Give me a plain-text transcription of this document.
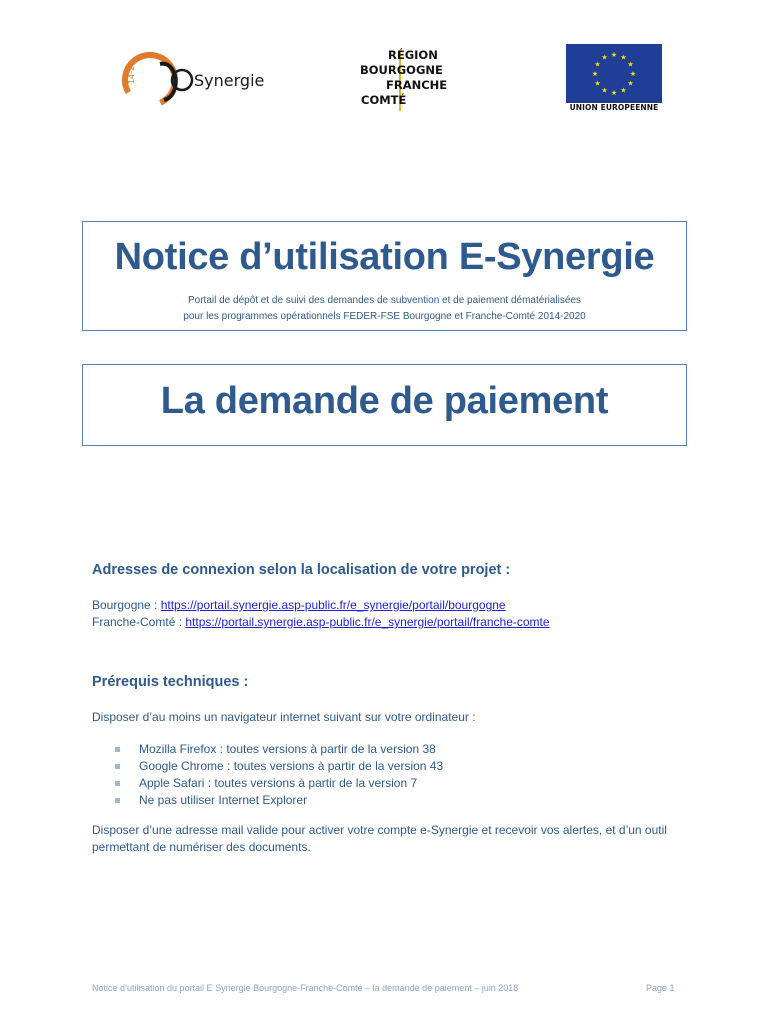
14-20	Synergie
RÉGION
BOURGOGNE
FRANCHE
COMTÉ
★ ★
★
★
★
★
★
★
★
★
★
★
UNION EUROPEENNE
Notice d’utilisation E-Synergie
Portail de dépôt et de suivi des demandes de subvention et de paiement dématérialisées
pour les programmes opérationnels FEDER-FSE Bourgogne et Franche-Comté 2014-2020
La demande de paiement
Adresses de connexion selon la localisation de votre projet :
Bourgogne : https://portail.synergie.asp-public.fr/e_synergie/portail/bourgogne
Franche-Comté : https://portail.synergie.asp-public.fr/e_synergie/portail/franche-comte
Prérequis techniques :
Disposer d’au moins un navigateur internet suivant sur votre ordinateur :
Mozilla Firefox : toutes versions à partir de la version 38
Google Chrome : toutes versions à partir de la version 43
Apple Safari : toutes versions à partir de la version 7
Ne pas utiliser Internet Explorer
Disposer d’une adresse mail valide pour activer votre compte e-Synergie et recevoir vos alertes, et d’un outil permettant de numériser des documents.
Notice d’utilisation du portail E Synergie Bourgogne-Franche-Comté – la demande de paiement – juin 2018	Page 1
